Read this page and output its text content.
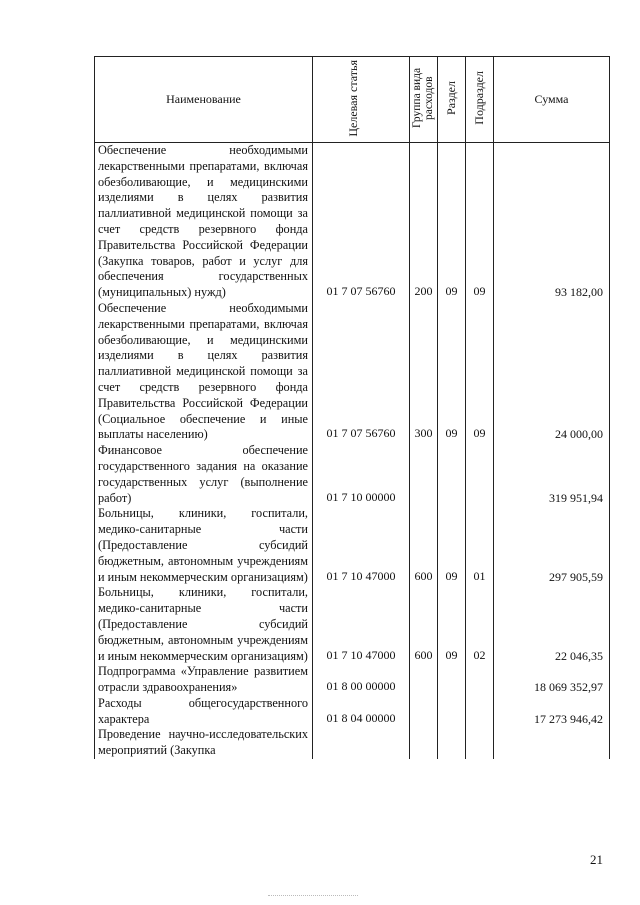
Наименование	Целевая статья	Группа вида расходов	Раздел	Подраздел	Сумма
Обеспечение необходимыми лекарственными препаратами, включая обезболивающие, и медицинскими изделиями в целях развития паллиативной медицинской помощи за счет средств резервного фонда Правительства Российской Федерации (Закупка товаров, работ и услуг для обеспечения государственных (муниципальных) нужд)	01 7 07 56760	200	09	09	93 182,00
Обеспечение необходимыми лекарственными препаратами, включая обезболивающие, и медицинскими изделиями в целях развития паллиативной медицинской помощи за счет средств резервного фонда Правительства Российской Федерации (Социальное обеспечение и иные выплаты населению)	01 7 07 56760	300	09	09	24 000,00
Финансовое обеспечение государственного задания на оказание государственных услуг (выполнение работ)	01 7 10 00000				319 951,94
Больницы, клиники, госпитали, медико-санитарные части (Предоставление субсидий бюджетным, автономным учреждениям и иным некоммерческим организациям)	01 7 10 47000	600	09	01	297 905,59
Больницы, клиники, госпитали, медико-санитарные части (Предоставление субсидий бюджетным, автономным учреждениям и иным некоммерческим организациям)	01 7 10 47000	600	09	02	22 046,35
Подпрограмма «Управление развитием отрасли здравоохранения»	01 8 00 00000				18 069 352,97
Расходы общегосударственного характера	01 8 04 00000				17 273 946,42
Проведение научно-исследовательских мероприятий (Закупка					
21
